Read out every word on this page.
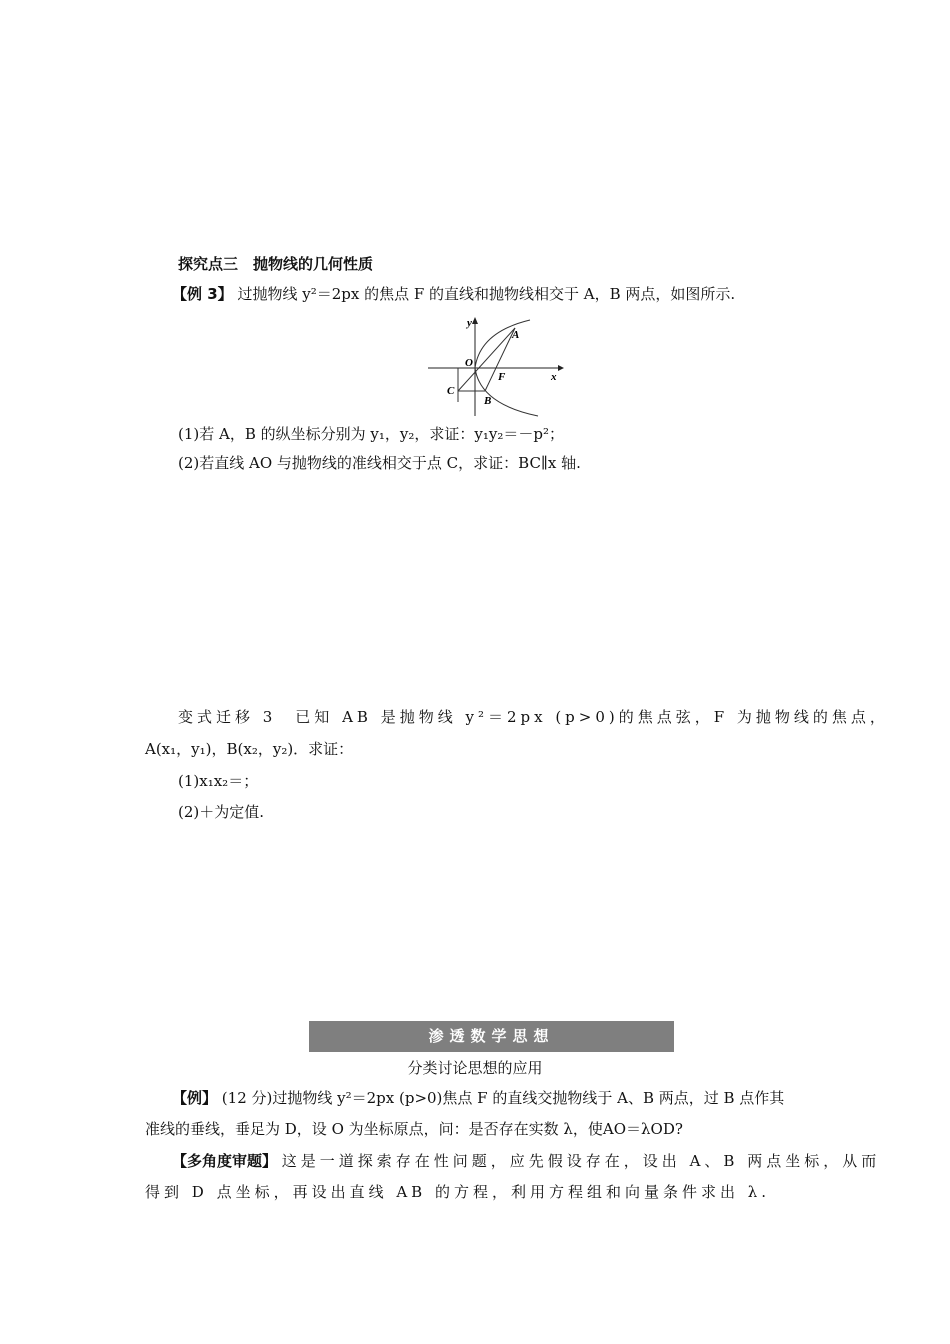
探究点三　抛物线的几何性质
【例 3】 过抛物线 y²＝2px 的焦点 F 的直线和抛物线相交于 A，B 两点，如图所示.
y
x
O
A
F
C
B
(1)若 A，B 的纵坐标分别为 y₁，y₂，求证：y₁y₂＝－p²；
(2)若直线 AO 与抛物线的准线相交于点 C，求证：BC∥x 轴.
变式迁移 3　已知 AB 是抛物线 y²＝2px (p>0)的焦点弦，F 为抛物线的焦点，
A(x₁，y₁)，B(x₂，y₂)．求证：
(1)x₁x₂＝；
(2)＋为定值.
渗透数学思想
分类讨论思想的应用
【例】 (12 分)过抛物线 y²＝2px (p>0)焦点 F 的直线交抛物线于 A、B 两点，过 B 点作其
准线的垂线，垂足为 D，设 O 为坐标原点，问：是否存在实数 λ，使AO＝λOD?
【多角度审题】 这是一道探索存在性问题，应先假设存在，设出 A、B 两点坐标，从而
得到 D 点坐标，再设出直线 AB 的方程，利用方程组和向量条件求出 λ.
